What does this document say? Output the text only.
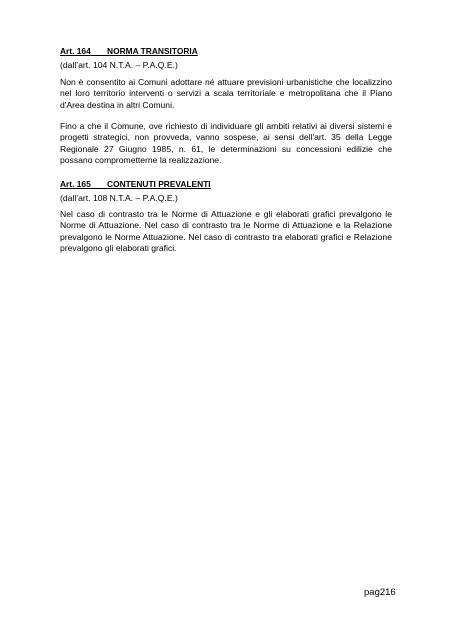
Art. 164 NORMA TRANSITORIA
(dall’art. 104 N.T.A. – P.A.Q.E.)

Non è consentito ai Comuni adottare né attuare previsioni urbanistiche che localizzino nel loro territorio interventi o servizi a scala territoriale e metropolitana che il Piano d'Area destina in altri Comuni.

Fino a che il Comune, ove richiesto di individuare gli ambiti relativi ai diversi sistemi e progetti strategici, non provveda, vanno sospese, ai sensi dell'art. 35 della Legge Regionale 27 Giugno 1985, n. 61, le determinazioni su concessioni edilizie che possano comprometterne la realizzazione.

Art. 165 CONTENUTI PREVALENTI
(dall’art. 108 N.T.A. – P.A.Q.E.)

Nel caso di contrasto tra le Norme di Attuazione e gli elaborati grafici prevalgono le Norme di Attuazione. Nel caso di contrasto tra le Norme di Attuazione e la Relazione prevalgono le Norme Attuazione. Nel caso di contrasto tra elaborati grafici e Relazione prevalgono gli elaborati grafici.

pag216
